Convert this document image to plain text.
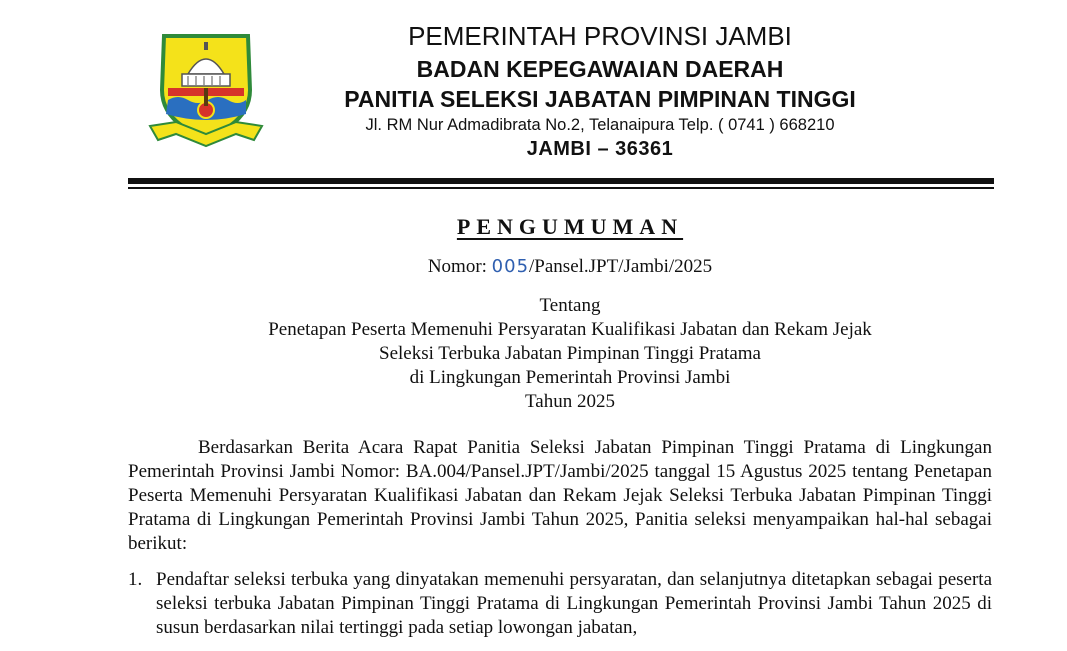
PEMERINTAH PROVINSI JAMBI
BADAN KEPEGAWAIAN DAERAH
PANITIA SELEKSI JABATAN PIMPINAN TINGGI
Jl. RM Nur Admadibrata No.2, Telanaipura Telp. ( 0741 ) 668210
JAMBI – 36361
PENGUMUMAN
Nomor: 005/Pansel.JPT/Jambi/2025
Tentang
Penetapan Peserta Memenuhi Persyaratan Kualifikasi Jabatan dan Rekam Jejak
Seleksi Terbuka Jabatan Pimpinan Tinggi Pratama
di Lingkungan Pemerintah Provinsi Jambi
Tahun 2025

Berdasarkan Berita Acara Rapat Panitia Seleksi Jabatan Pimpinan Tinggi Pratama di Lingkungan Pemerintah Provinsi Jambi Nomor: BA.004/Pansel.JPT/Jambi/2025 tanggal 15 Agustus 2025 tentang Penetapan Peserta Memenuhi Persyaratan Kualifikasi Jabatan dan Rekam Jejak Seleksi Terbuka Jabatan Pimpinan Tinggi Pratama di Lingkungan Pemerintah Provinsi Jambi Tahun 2025, Panitia seleksi menyampaikan hal-hal sebagai berikut:

1. Pendaftar seleksi terbuka yang dinyatakan memenuhi persyaratan, dan selanjutnya ditetapkan sebagai peserta seleksi terbuka Jabatan Pimpinan Tinggi Pratama di Lingkungan Pemerintah Provinsi Jambi Tahun 2025 di susun berdasarkan nilai tertinggi pada setiap lowongan jabatan,
